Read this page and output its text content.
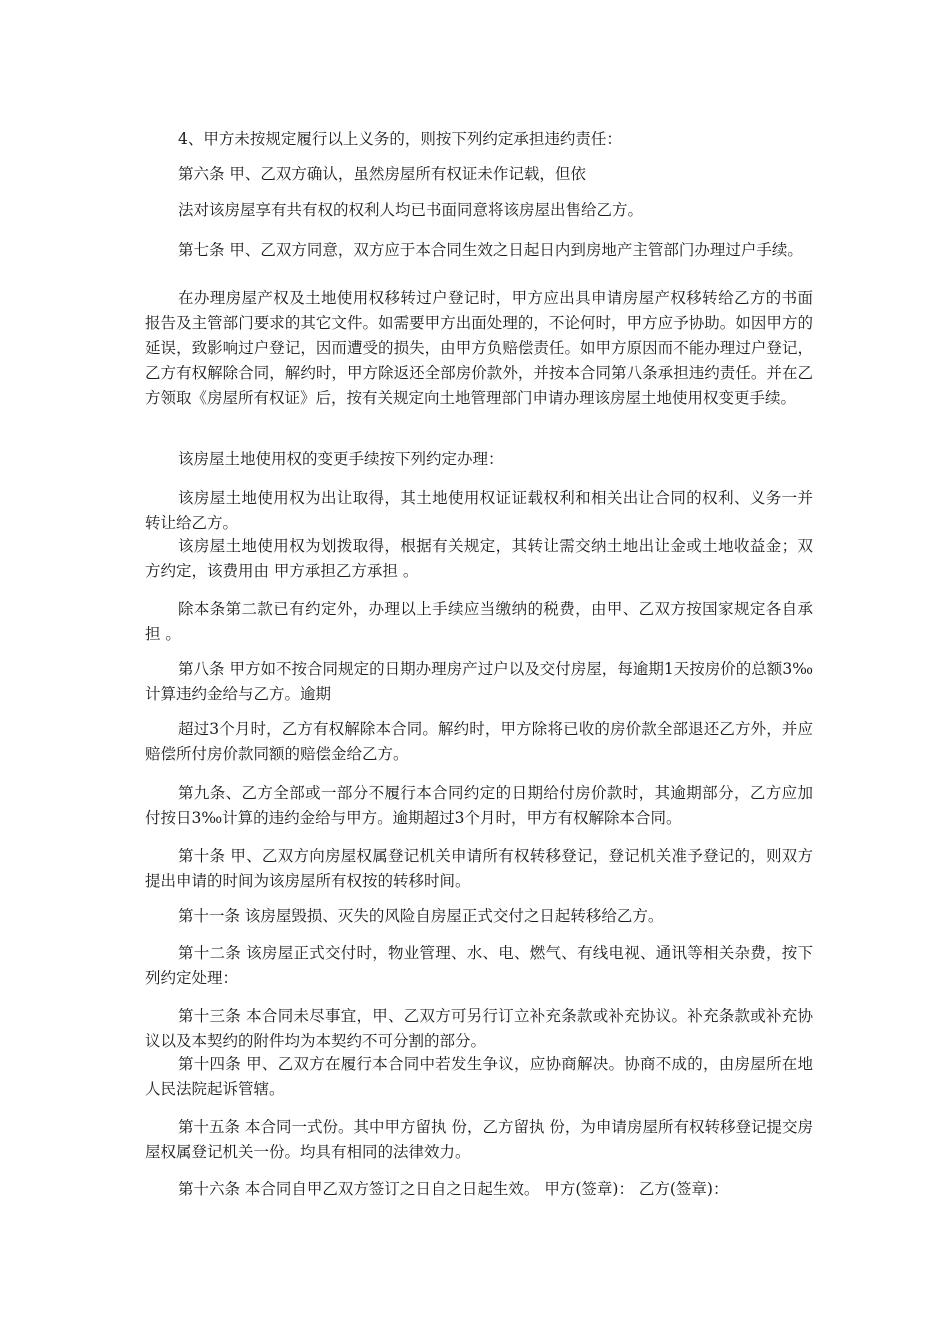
4、甲方未按规定履行以上义务的，则按下列约定承担违约责任：

第六条 甲、乙双方确认，虽然房屋所有权证未作记载，但依

法对该房屋享有共有权的权利人均已书面同意将该房屋出售给乙方。

第七条 甲、乙双方同意，双方应于本合同生效之日起日内到房地产主管部门办理过户手续。

在办理房屋产权及土地使用权移转过户登记时，甲方应出具申请房屋产权移转给乙方的书面报告及主管部门要求的其它文件。如需要甲方出面处理的，不论何时，甲方应予协助。如因甲方的延误，致影响过户登记，因而遭受的损失，由甲方负赔偿责任。如甲方原因而不能办理过户登记，乙方有权解除合同，解约时，甲方除返还全部房价款外，并按本合同第八条承担违约责任。并在乙方领取《房屋所有权证》后，按有关规定向土地管理部门申请办理该房屋土地使用权变更手续。

该房屋土地使用权的变更手续按下列约定办理：

该房屋土地使用权为出让取得，其土地使用权证证载权利和相关出让合同的权利、义务一并转让给乙方。

该房屋土地使用权为划拨取得，根据有关规定，其转让需交纳土地出让金或土地收益金；双方约定，该费用由 甲方承担乙方承担 。

除本条第二款已有约定外，办理以上手续应当缴纳的税费，由甲、乙双方按国家规定各自承担 。

第八条 甲方如不按合同规定的日期办理房产过户以及交付房屋，每逾期1天按房价的总额3‰计算违约金给与乙方。逾期

超过3个月时，乙方有权解除本合同。解约时，甲方除将已收的房价款全部退还乙方外，并应赔偿所付房价款同额的赔偿金给乙方。

第九条、乙方全部或一部分不履行本合同约定的日期给付房价款时，其逾期部分，乙方应加付按日3‰计算的违约金给与甲方。逾期超过3个月时，甲方有权解除本合同。

第十条 甲、乙双方向房屋权属登记机关申请所有权转移登记，登记机关准予登记的，则双方提出申请的时间为该房屋所有权按的转移时间。

第十一条 该房屋毁损、灭失的风险自房屋正式交付之日起转移给乙方。

第十二条 该房屋正式交付时，物业管理、水、电、燃气、有线电视、通讯等相关杂费，按下列约定处理：

第十三条 本合同未尽事宜，甲、乙双方可另行订立补充条款或补充协议。补充条款或补充协议以及本契约的附件均为本契约不可分割的部分。

第十四条 甲、乙双方在履行本合同中若发生争议，应协商解决。协商不成的，由房屋所在地人民法院起诉管辖。

第十五条 本合同一式份。其中甲方留执 份，乙方留执 份，为申请房屋所有权转移登记提交房屋权属登记机关一份。均具有相同的法律效力。

第十六条 本合同自甲乙双方签订之日自之日起生效。 甲方(签章)： 乙方(签章)：
